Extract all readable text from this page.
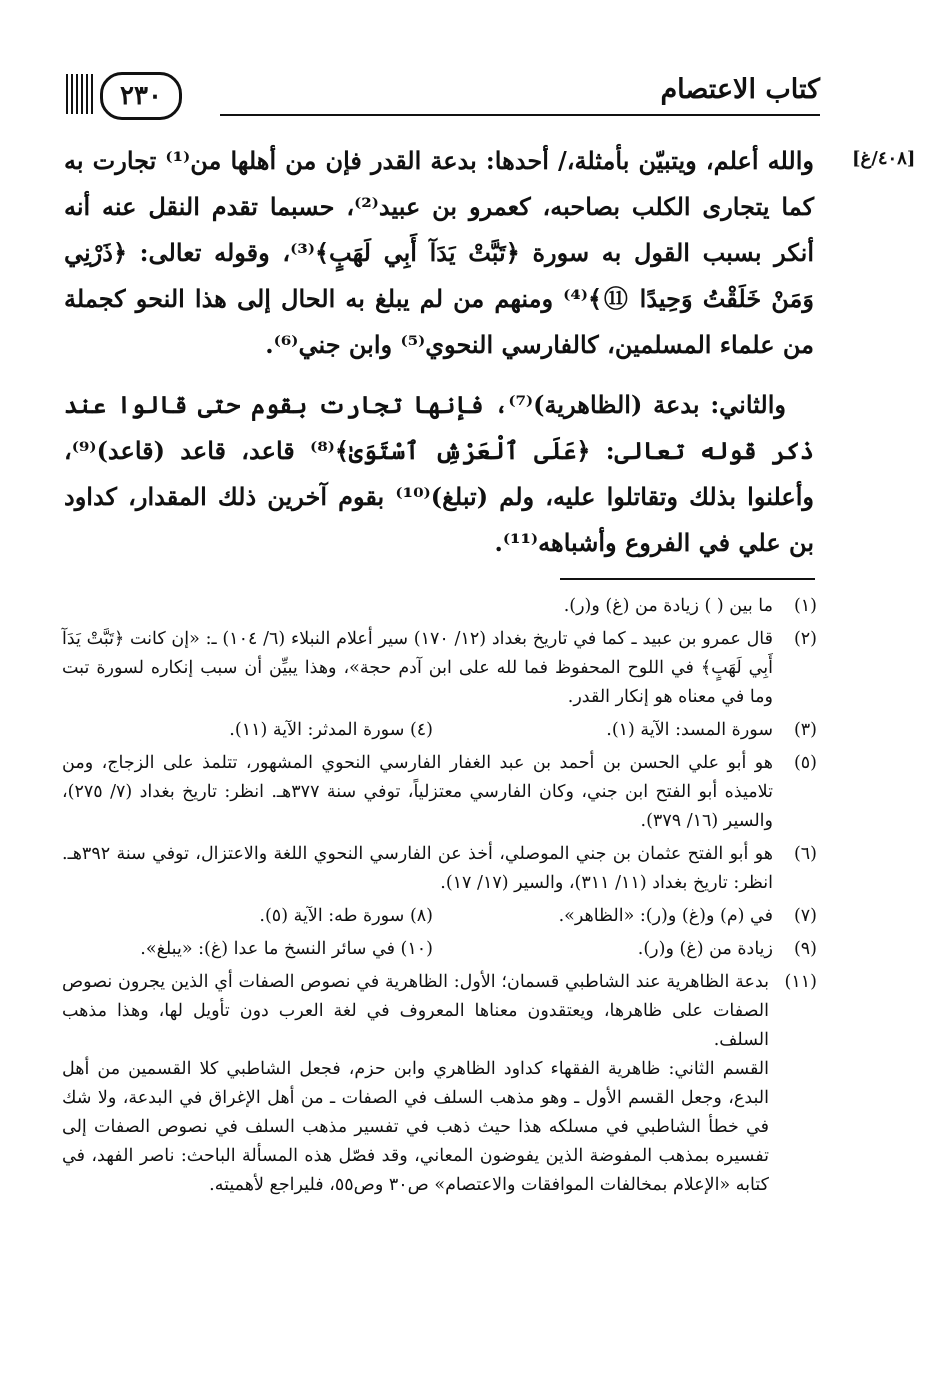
٢٣٠	كتاب الاعتصام
[٤٠٨/غ]

والله أعلم، ويتبيّن بأمثلة،/ أحدها: بدعة القدر فإن من أهلها من⁽¹⁾ تجارت به كما يتجارى الكلب بصاحبه، كعمرو بن عبيد⁽²⁾، حسبما تقدم النقل عنه أنه أنكر بسبب القول به سورة ﴿تَبَّتْ يَدَآ أَبِي لَهَبٍ﴾⁽³⁾، وقوله تعالى: ﴿ذَرْنِي وَمَنْ خَلَقْتُ وَحِيدًا ⑪﴾⁽⁴⁾ ومنهم من لم يبلغ به الحال إلى هذا النحو كجملة من علماء المسلمين، كالفارسي النحوي⁽⁵⁾ وابن جني⁽⁶⁾.

والثاني: بدعة (الظاهرية)⁽⁷⁾، فإنها تجارت بقوم حتى قالوا عند ذكر قوله تعالى: ﴿عَلَى ٱلْعَرْشِ ٱسْتَوَىٰ﴾⁽⁸⁾ قاعد، قاعد (قاعد)⁽⁹⁾، وأعلنوا بذلك وتقاتلوا عليه، ولم (تبلغ)⁽¹⁰⁾ بقوم آخرين ذلك المقدار، كداود بن علي في الفروع وأشباهه⁽¹¹⁾.

(١)
ما بين ( ) زيادة من (غ) و(ر).
(٢)
قال عمرو بن عبيد ـ كما في تاريخ بغداد (١٢/ ١٧٠) سير أعلام النبلاء (٦/ ١٠٤) ـ: «إن كانت ﴿تَبَّتْ يَدَآ أَبِي لَهَبٍ﴾ في اللوح المحفوظ فما لله على ابن آدم حجة»، وهذا يبيِّن أن سبب إنكاره لسورة تبت وما في معناه هو إنكار القدر.
(٣)
سورة المسد: الآية (١).
(٤) سورة المدثر: الآية (١١).
(٥)
هو أبو علي الحسن بن أحمد بن عبد الغفار الفارسي النحوي المشهور، تتلمذ على الزجاج، ومن تلاميذه أبو الفتح ابن جني، وكان الفارسي معتزلياً، توفي سنة ٣٧٧هـ. انظر: تاريخ بغداد (٧/ ٢٧٥)، والسير (١٦/ ٣٧٩).
(٦)
هو أبو الفتح عثمان بن جني الموصلي، أخذ عن الفارسي النحوي اللغة والاعتزال، توفي سنة ٣٩٢هـ. انظر: تاريخ بغداد (١١/ ٣١١)، والسير (١٧/ ١٧).
(٧)
في (م) و(غ) و(ر): «الظاهر».
(٨) سورة طه: الآية (٥).
(٩)
زيادة من (غ) و(ر).
(١٠) في سائر النسخ ما عدا (غ): «يبلغ».
(١١)

بدعة الظاهرية عند الشاطبي قسمان؛ الأول: الظاهرية في نصوص الصفات أي الذين يجرون نصوص الصفات على ظاهرها، ويعتقدون معناها المعروف في لغة العرب دون تأويل لها، وهذا مذهب السلف.

القسم الثاني: ظاهرية الفقهاء كداود الظاهري وابن حزم، فجعل الشاطبي كلا القسمين من أهل البدع، وجعل القسم الأول ـ وهو مذهب السلف في الصفات ـ من أهل الإغراق في البدعة، ولا شك في خطأ الشاطبي في مسلكه هذا حيث ذهب في تفسير مذهب السلف في نصوص الصفات إلى تفسيره بمذهب المفوضة الذين يفوضون المعاني، وقد فصّل هذه المسألة الباحث: ناصر الفهد، في كتابه «الإعلام بمخالفات الموافقات والاعتصام» ص٣٠ وص٥٥، فليراجع لأهميته.
